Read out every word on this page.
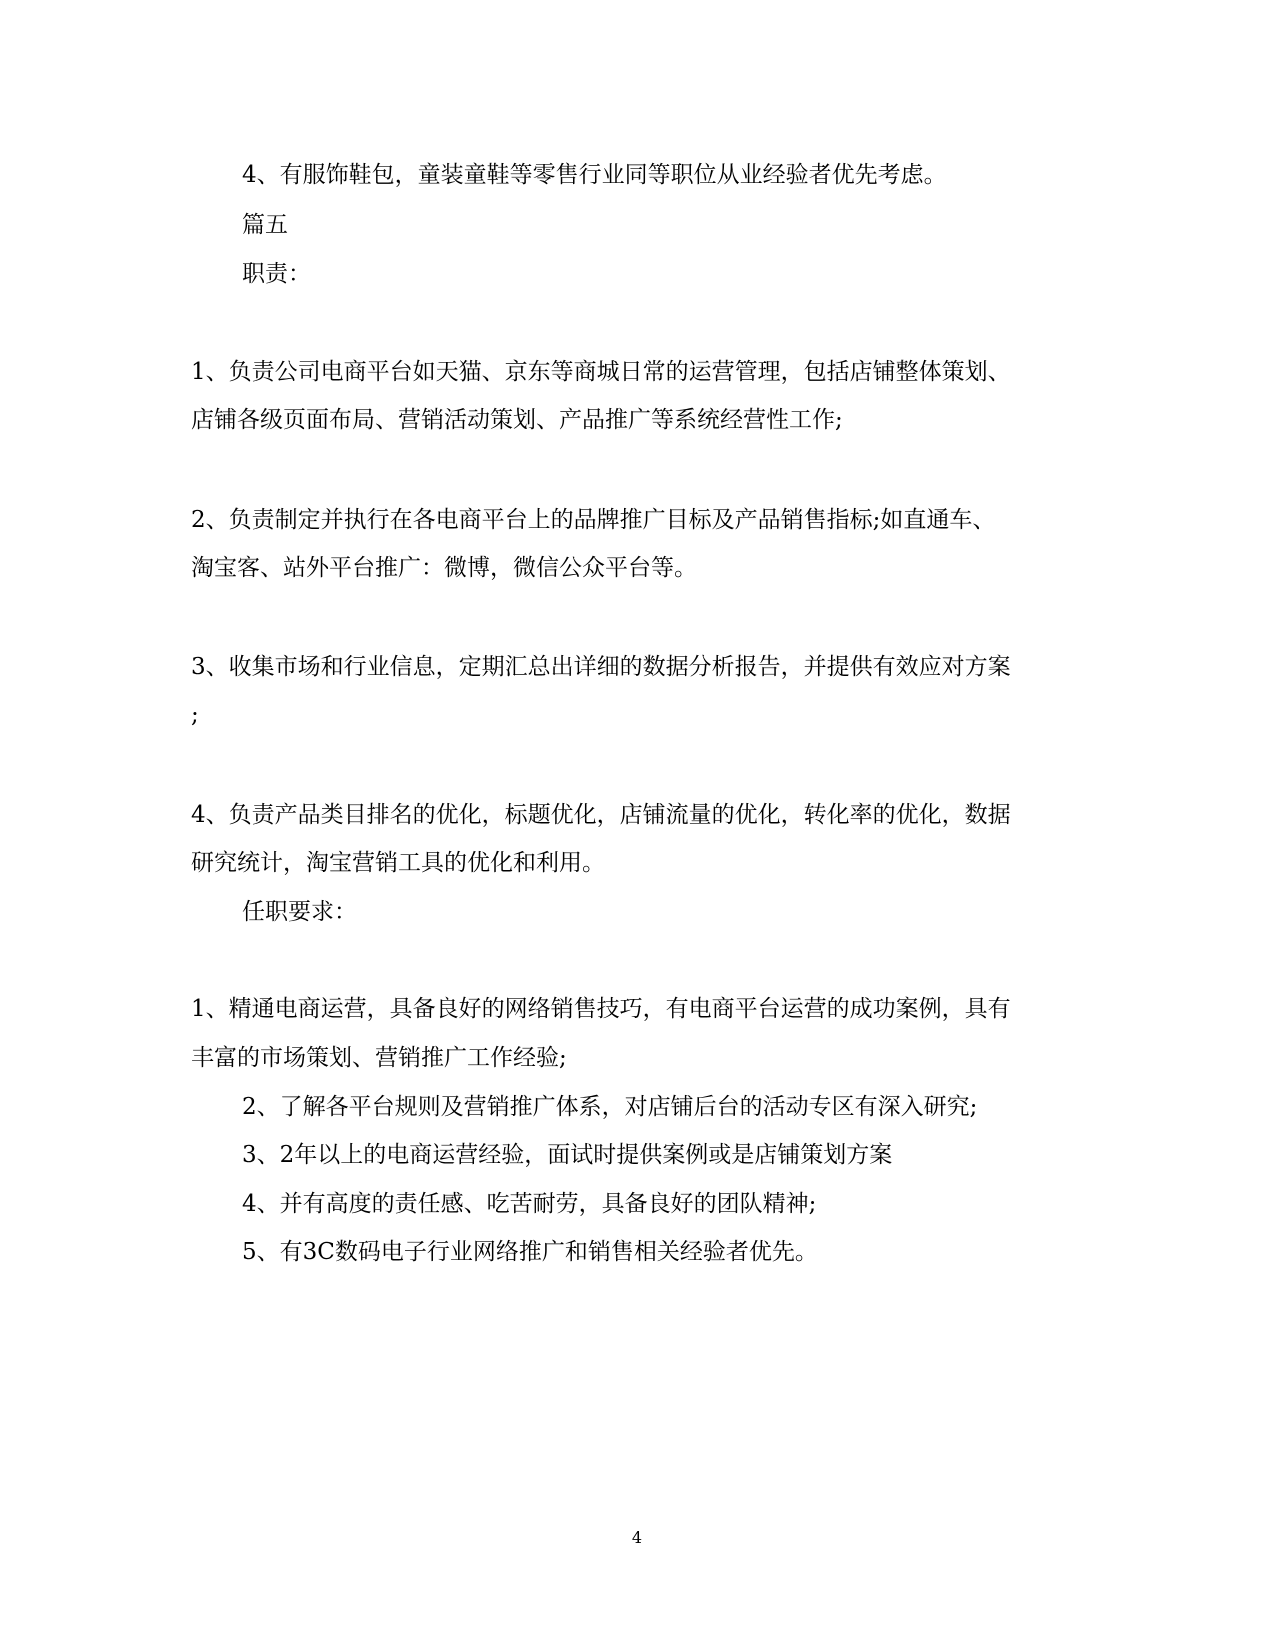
4、有服饰鞋包，童装童鞋等零售行业同等职位从业经验者优先考虑。
篇五
职责：
1、负责公司电商平台如天猫、京东等商城日常的运营管理，包括店铺整体策划、
店铺各级页面布局、营销活动策划、产品推广等系统经营性工作;
2、负责制定并执行在各电商平台上的品牌推广目标及产品销售指标;如直通车、
淘宝客、站外平台推广：微博，微信公众平台等。
3、收集市场和行业信息，定期汇总出详细的数据分析报告，并提供有效应对方案
;
4、负责产品类目排名的优化，标题优化，店铺流量的优化，转化率的优化，数据
研究统计，淘宝营销工具的优化和利用。
任职要求：
1、精通电商运营，具备良好的网络销售技巧，有电商平台运营的成功案例，具有
丰富的市场策划、营销推广工作经验;
2、了解各平台规则及营销推广体系，对店铺后台的活动专区有深入研究;
3、2年以上的电商运营经验，面试时提供案例或是店铺策划方案
4、并有高度的责任感、吃苦耐劳，具备良好的团队精神;
5、有3C数码电子行业网络推广和销售相关经验者优先。
4
